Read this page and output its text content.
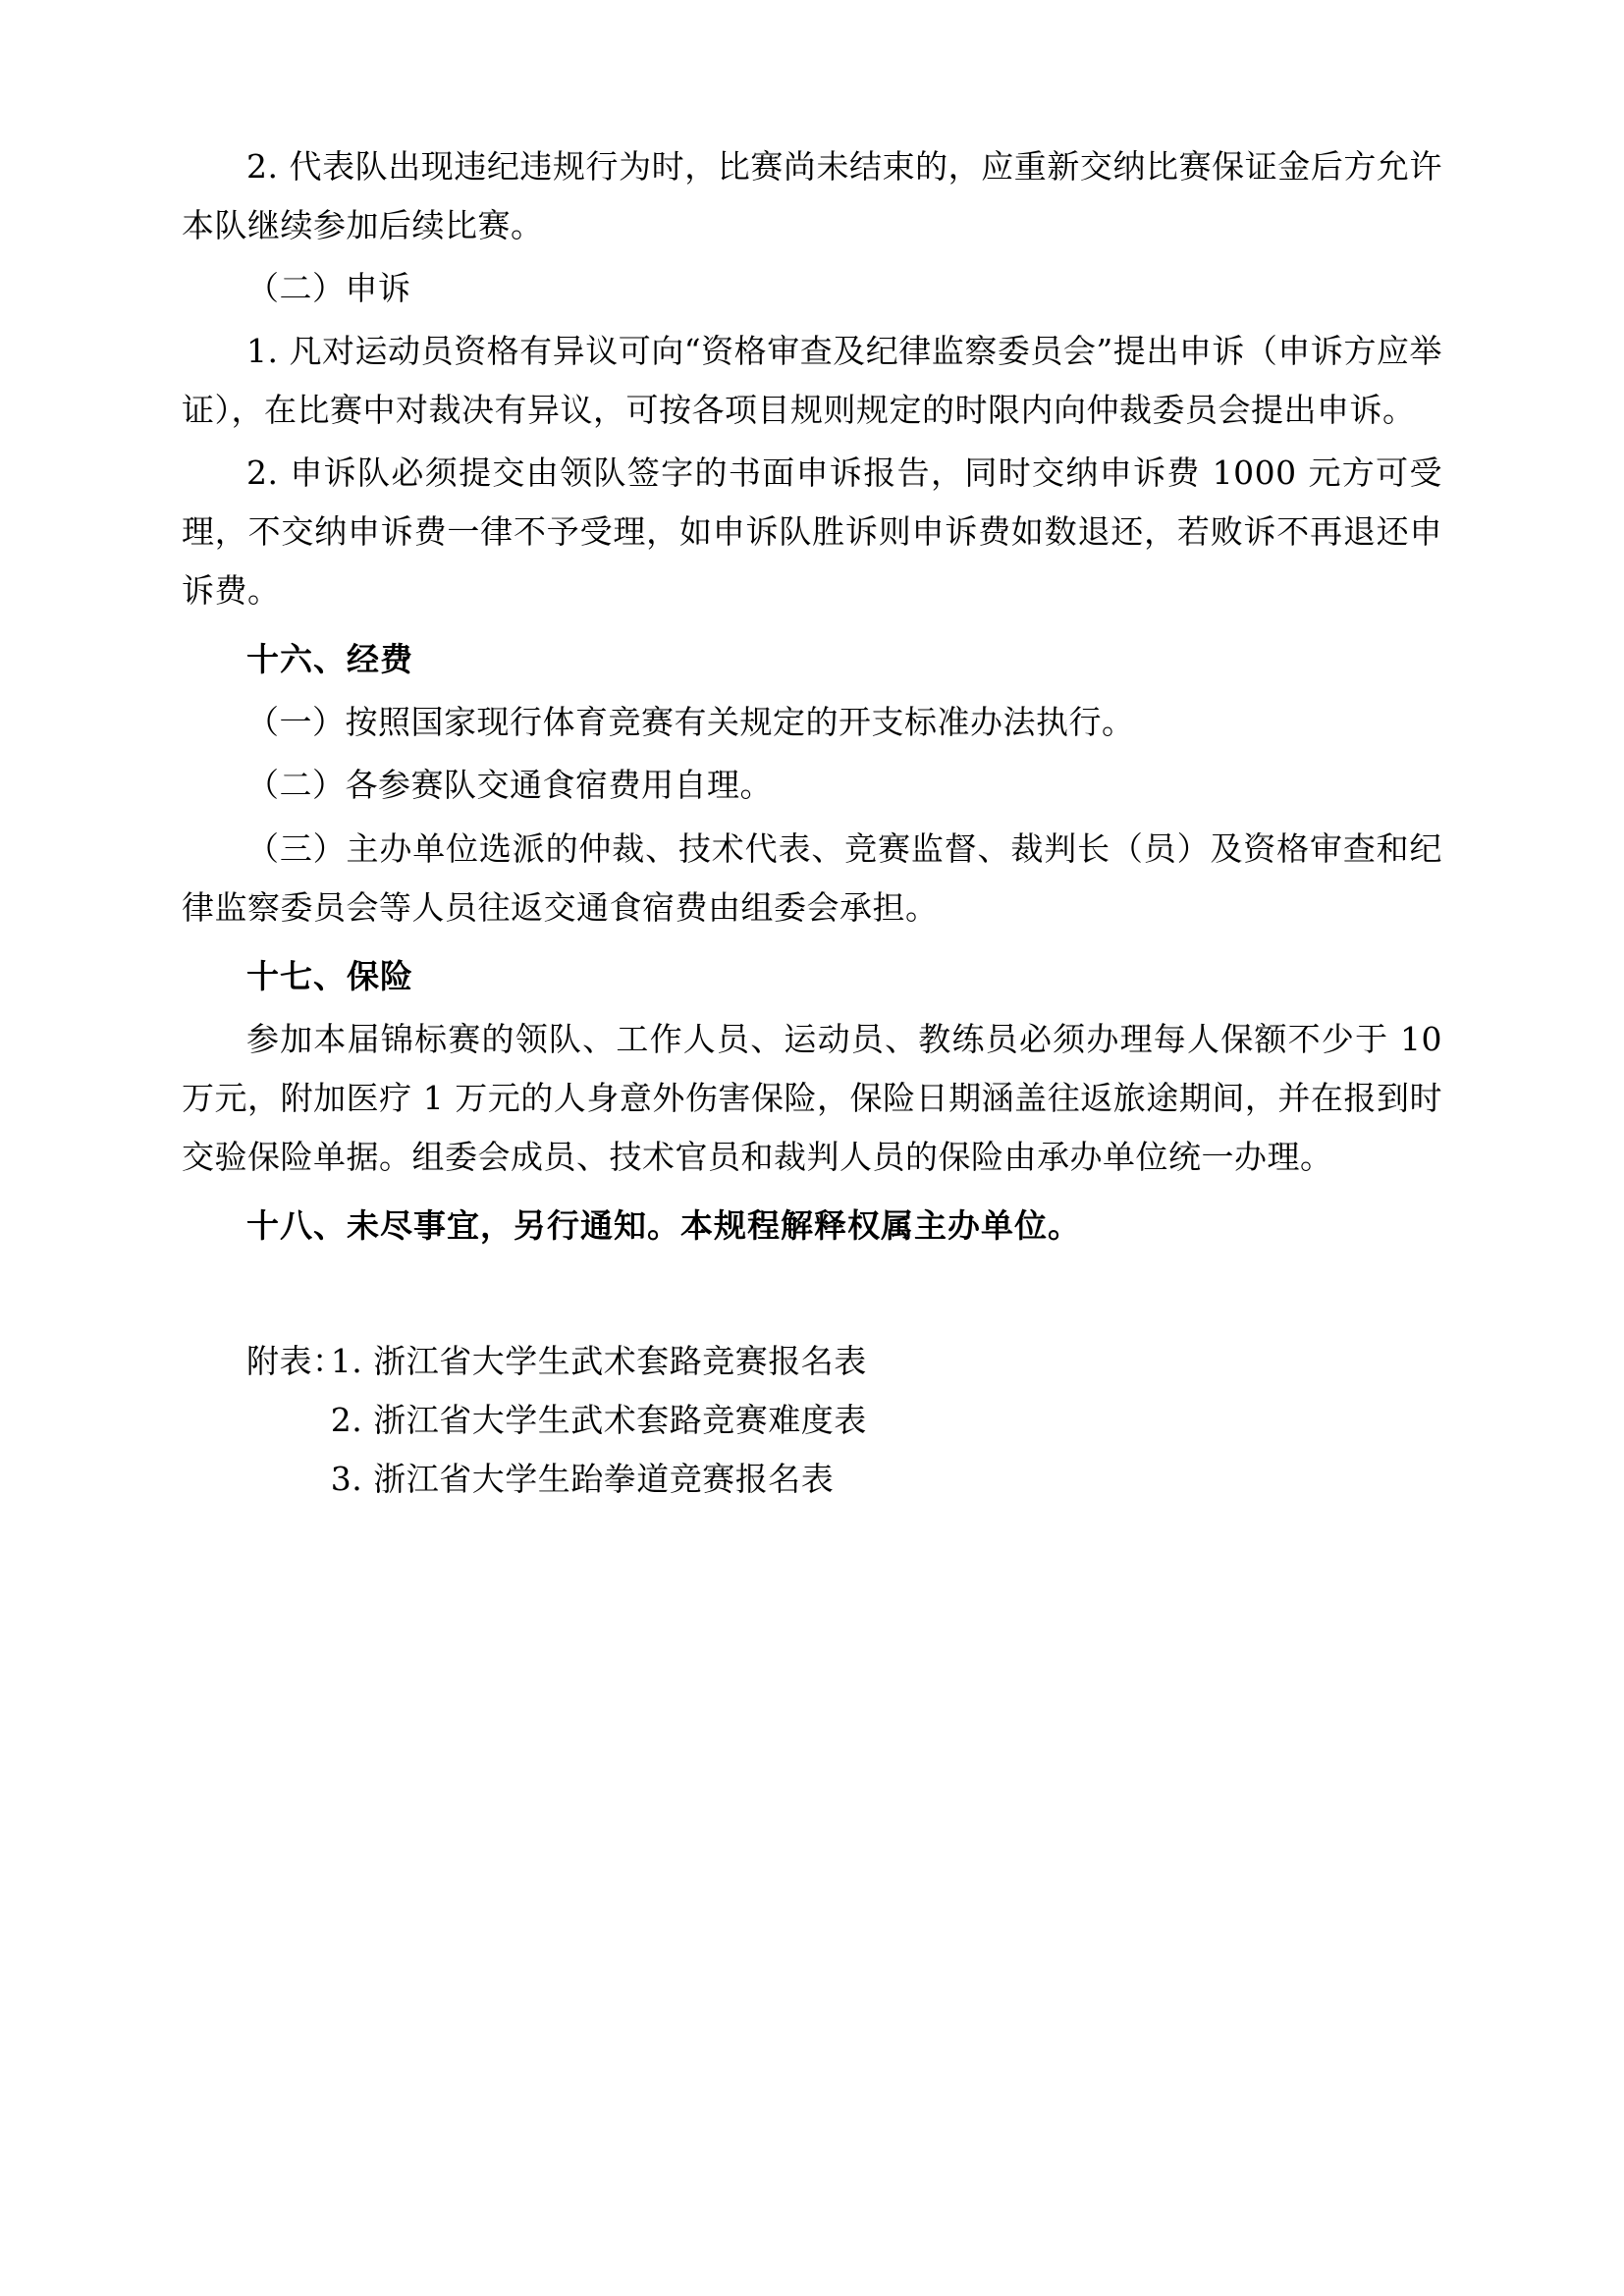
2. 代表队出现违纪违规行为时，比赛尚未结束的，应重新交纳比赛保证金后方允许本队继续参加后续比赛。

（二）申诉

1. 凡对运动员资格有异议可向“资格审查及纪律监察委员会”提出申诉（申诉方应举证），在比赛中对裁决有异议，可按各项目规则规定的时限内向仲裁委员会提出申诉。

2. 申诉队必须提交由领队签字的书面申诉报告，同时交纳申诉费 1000 元方可受理，不交纳申诉费一律不予受理，如申诉队胜诉则申诉费如数退还，若败诉不再退还申诉费。

十六、经费

（一）按照国家现行体育竞赛有关规定的开支标准办法执行。

（二）各参赛队交通食宿费用自理。

（三）主办单位选派的仲裁、技术代表、竞赛监督、裁判长（员）及资格审查和纪律监察委员会等人员往返交通食宿费由组委会承担。

十七、保险

参加本届锦标赛的领队、工作人员、运动员、教练员必须办理每人保额不少于 10 万元，附加医疗 1 万元的人身意外伤害保险，保险日期涵盖往返旅途期间，并在报到时交验保险单据。组委会成员、技术官员和裁判人员的保险由承办单位统一办理。

十八、未尽事宜，另行通知。本规程解释权属主办单位。

附表：
1. 浙江省大学生武术套路竞赛报名表
2. 浙江省大学生武术套路竞赛难度表
3. 浙江省大学生跆拳道竞赛报名表
